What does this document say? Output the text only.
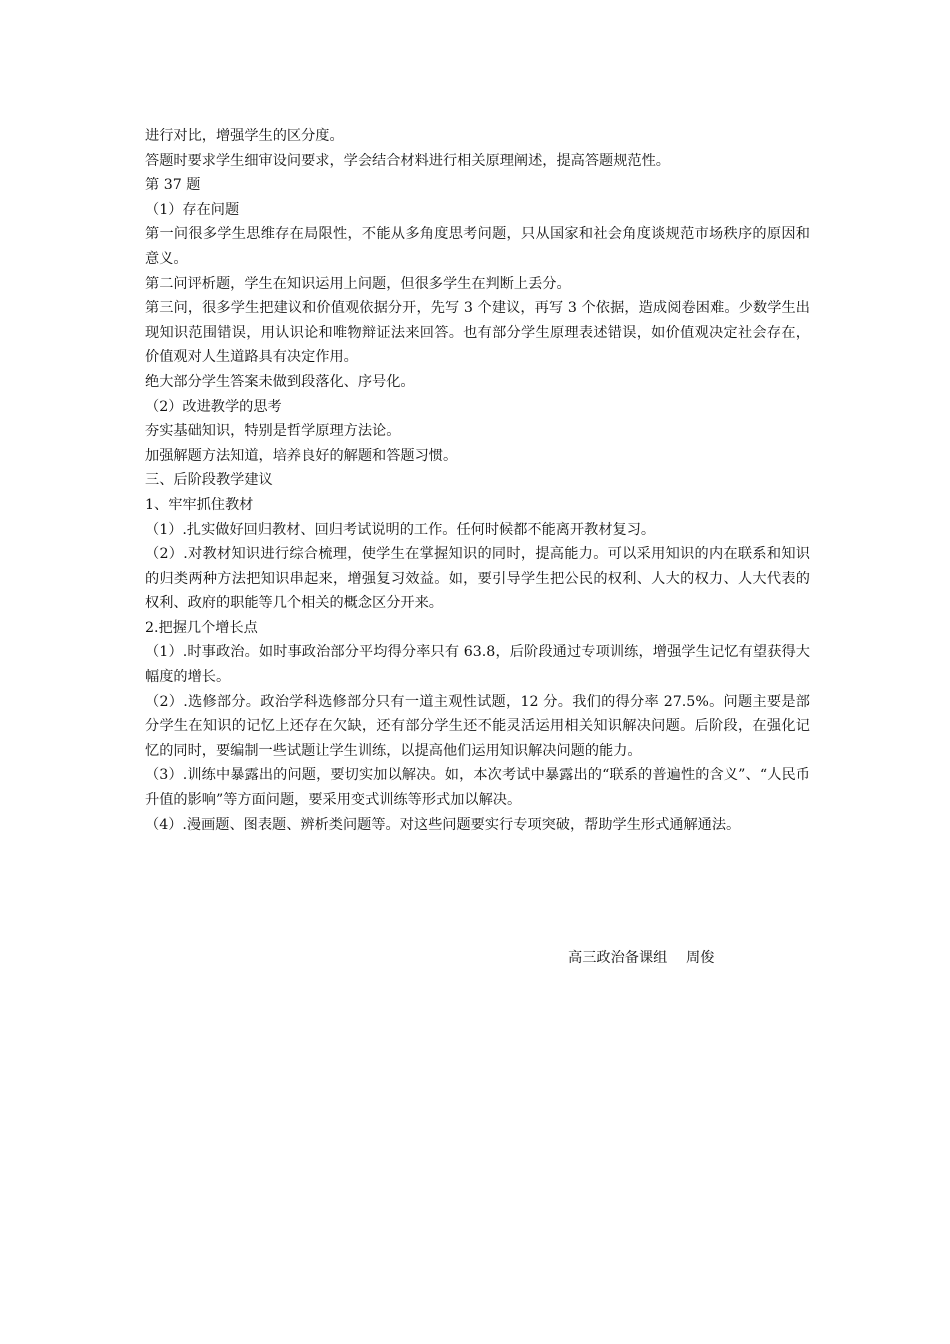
进行对比，增强学生的区分度。

答题时要求学生细审设问要求，学会结合材料进行相关原理阐述，提高答题规范性。

第 37 题

（1）存在问题

第一问很多学生思维存在局限性，不能从多角度思考问题，只从国家和社会角度谈规范市场秩序的原因和意义。

第二问评析题，学生在知识运用上问题，但很多学生在判断上丢分。

第三问，很多学生把建议和价值观依据分开，先写 3 个建议，再写 3 个依据，造成阅卷困难。少数学生出现知识范围错误，用认识论和唯物辩证法来回答。也有部分学生原理表述错误，如价值观决定社会存在，价值观对人生道路具有决定作用。

绝大部分学生答案未做到段落化、序号化。

（2）改进教学的思考

夯实基础知识，特别是哲学原理方法论。

加强解题方法知道，培养良好的解题和答题习惯。

三、后阶段教学建议

1、牢牢抓住教材

（1）.扎实做好回归教材、回归考试说明的工作。任何时候都不能离开教材复习。

（2）.对教材知识进行综合梳理，使学生在掌握知识的同时，提高能力。可以采用知识的内在联系和知识的归类两种方法把知识串起来，增强复习效益。如，要引导学生把公民的权利、人大的权力、人大代表的权利、政府的职能等几个相关的概念区分开来。

2.把握几个增长点

（1）.时事政治。如时事政治部分平均得分率只有 63.8，后阶段通过专项训练，增强学生记忆有望获得大幅度的增长。

（2）.选修部分。政治学科选修部分只有一道主观性试题，12 分。我们的得分率 27.5%。问题主要是部分学生在知识的记忆上还存在欠缺，还有部分学生还不能灵活运用相关知识解决问题。后阶段，在强化记忆的同时，要编制一些试题让学生训练，以提高他们运用知识解决问题的能力。

（3）.训练中暴露出的问题，要切实加以解决。如，本次考试中暴露出的“联系的普遍性的含义”、“人民币升值的影响”等方面问题，要采用变式训练等形式加以解决。

（4）.漫画题、图表题、辨析类问题等。对这些问题要实行专项突破，帮助学生形式通解通法。

高三政治备课组　 周俊
